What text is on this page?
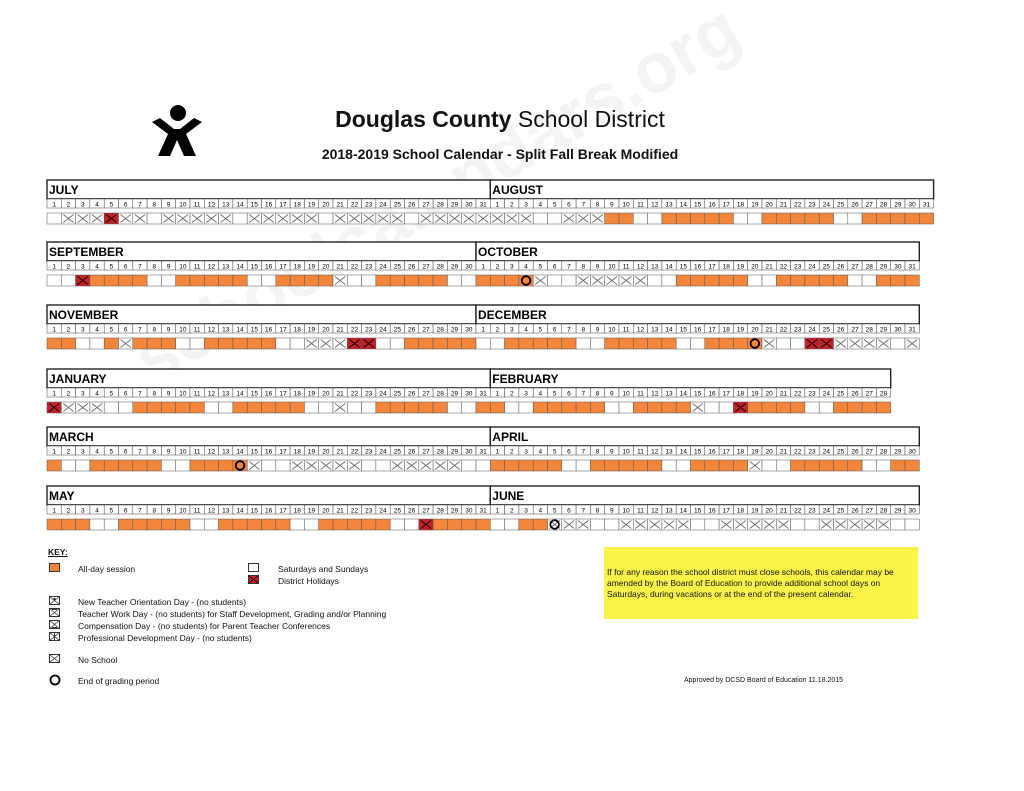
Douglas County School District
2018-2019 School Calendar - Split Fall Break Modified
JULY
1 2 3 4 5 6 7 8 9 10 11 12 13 14 15 16 17 18 19 20 21 22 23 24 25 26 27 28 29 30 31
AUGUST
1 2 3 4 5 6 7 8 9 10 11 12 13 14 15 16 17 18 19 20 21 22 23 24 25 26 27 28 29 30 31
SEPTEMBER
1 2 3 4 5 6 7 8 9 10 11 12 13 14 15 16 17 18 19 20 21 22 23 24 25 26 27 28 29 30
OCTOBER
1 2 3 4 5 6 7 8 9 10 11 12 13 14 15 16 17 18 19 20 21 22 23 24 25 26 27 28 29 30 31
NOVEMBER
1 2 3 4 5 6 7 8 9 10 11 12 13 14 15 16 17 18 19 20 21 22 23 24 25 26 27 28 29 30
DECEMBER
1 2 3 4 5 6 7 8 9 10 11 12 13 14 15 16 17 18 19 20 21 22 23 24 25 26 27 28 29 30 31
JANUARY
1 2 3 4 5 6 7 8 9 10 11 12 13 14 15 16 17 18 19 20 21 22 23 24 25 26 27 28 29 30 31
FEBRUARY
1 2 3 4 5 6 7 8 9 10 11 12 13 14 15 16 17 18 19 20 21 22 23 24 25 26 27 28
MARCH
1 2 3 4 5 6 7 8 9 10 11 12 13 14 15 16 17 18 19 20 21 22 23 24 25 26 27 28 29 30 31
APRIL
1 2 3 4 5 6 7 8 9 10 11 12 13 14 15 16 17 18 19 20 21 22 23 24 25 26 27 28 29 30
MAY
1 2 3 4 5 6 7 8 9 10 11 12 13 14 15 16 17 18 19 20 21 22 23 24 25 26 27 28 29 30 31
JUNE
1 2 3 4 5 6 7 8 9 10 11 12 13 14 15 16 17 18 19 20 21 22 23 24 25 26 27 28 29 30
KEY:
All-day session	Saturdays and Sundays
District Holidays
New Teacher Orientation Day - (no students)
Teacher Work Day - (no students) for Staff Development, Grading and/or Planning
Compensation Day - (no students) for Parent Teacher Conferences
Professional Development Day - (no students)
No School
End of grading period
If for any reason the school district must close schools, this calendar may be amended by the Board of Education to provide additional school days on Saturdays, during vacations or at the end of the present calendar.
Approved by DCSD Board of Education 11.18.2015
